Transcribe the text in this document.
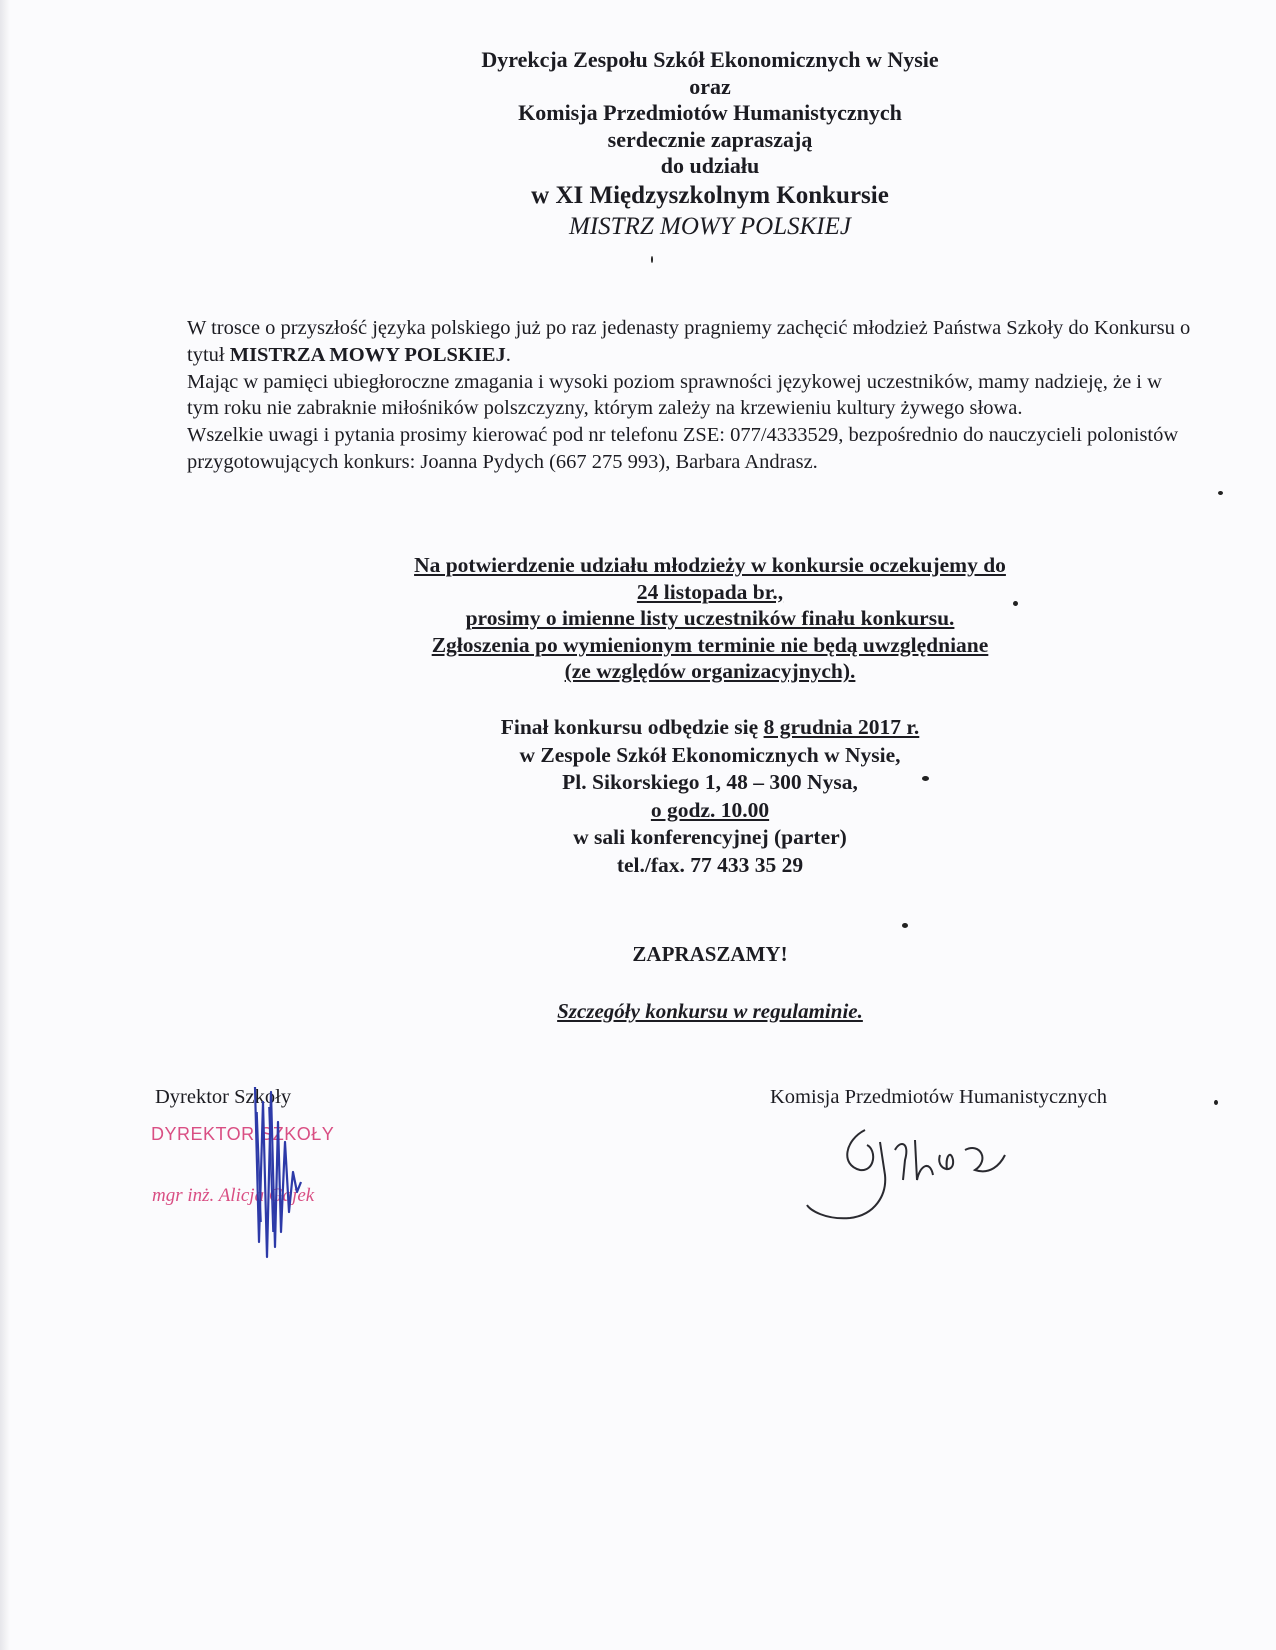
Dyrekcja Zespołu Szkół Ekonomicznych w Nysie
oraz
Komisja Przedmiotów Humanistycznych
serdecznie zapraszają
do udziału
w XI Międzyszkolnym Konkursie
MISTRZ MOWY POLSKIEJ

W trosce o przyszłość języka polskiego już po raz jedenasty pragniemy zachęcić młodzież Państwa Szkoły do Konkursu o tytuł MISTRZA MOWY POLSKIEJ.

Mając w pamięci ubiegłoroczne zmagania i wysoki poziom sprawności językowej uczestników, mamy nadzieję, że i w tym roku nie zabraknie miłośników polszczyzny, którym zależy na krzewieniu kultury żywego słowa.

Wszelkie uwagi i pytania prosimy kierować pod nr telefonu ZSE: 077/4333529, bezpośrednio do nauczycieli polonistów przygotowujących konkurs: Joanna Pydych (667 275 993), Barbara Andrasz.

Na potwierdzenie udziału młodzieży w konkursie oczekujemy do
24 listopada br.,
prosimy o imienne listy uczestników finału konkursu.
Zgłoszenia po wymienionym terminie nie będą uwzględniane
(ze względów organizacyjnych).
Finał konkursu odbędzie się 8 grudnia 2017 r.
w Zespole Szkół Ekonomicznych w Nysie,
Pl. Sikorskiego 1, 48 – 300 Nysa,
o godz. 10.00
w sali konferencyjnej (parter)
tel./fax. 77 433 35 29
ZAPRASZAMY!
Szczegóły konkursu w regulaminie.
Dyrektor Szkoły	Komisja Przedmiotów Humanistycznych
DYREKTOR SZKOŁY
mgr inż. Alicja Gajek
